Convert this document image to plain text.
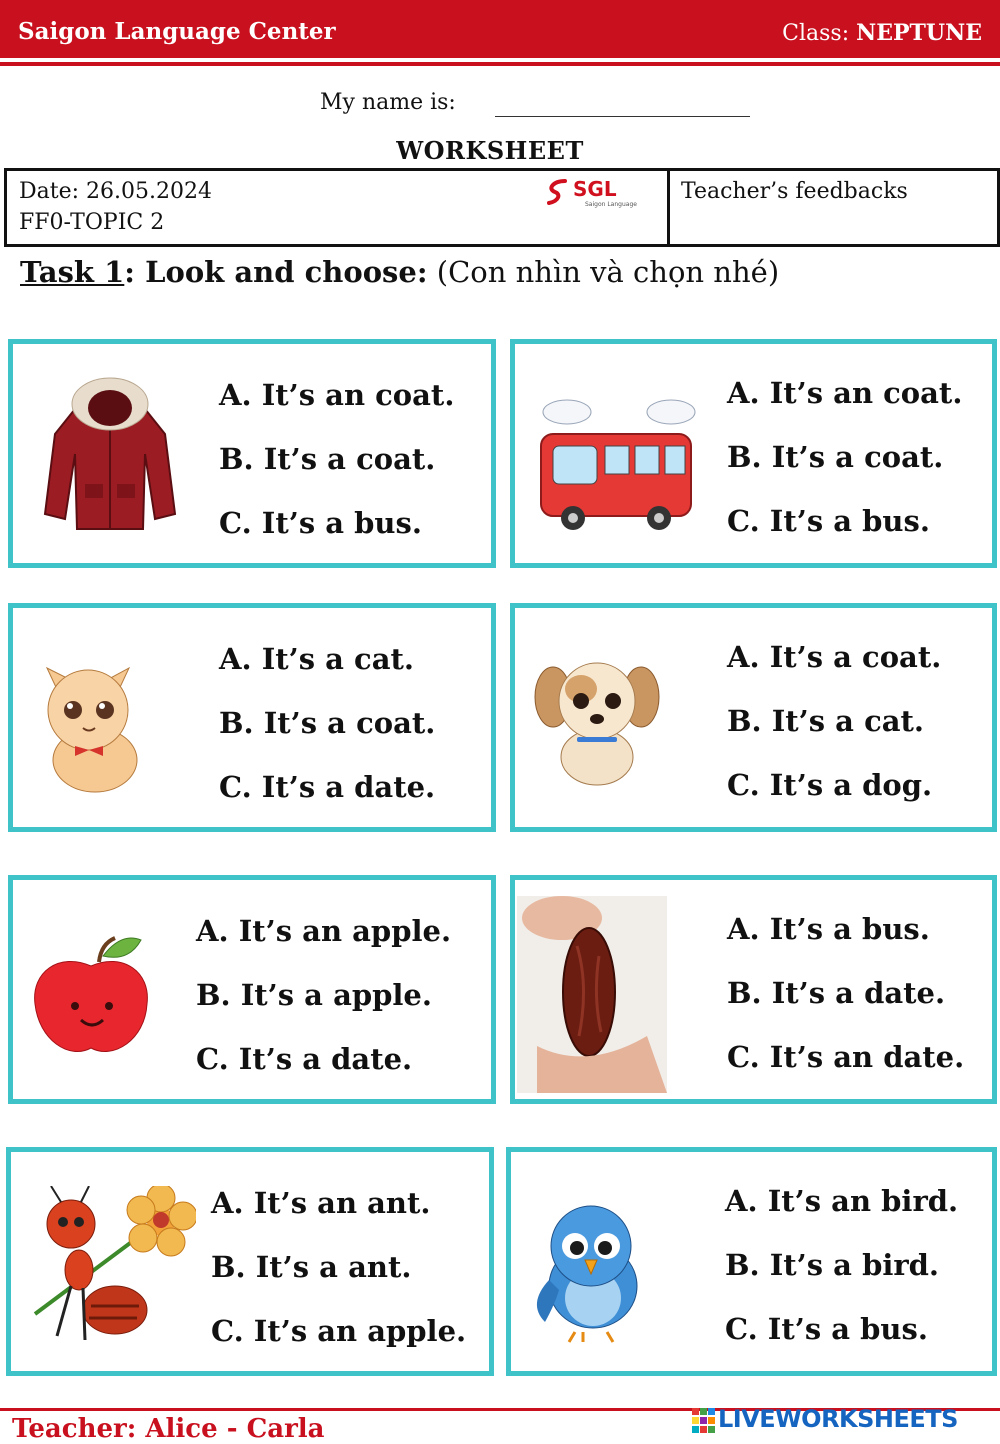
Saigon Language Center	Class: NEPTUNE
My name is:
WORKSHEET
Date: 26.05.2024
FF0-TOPIC 2
SGL
Saigon Language
Teacher’s feedbacks
Task 1: Look and choose: (Con nhìn và chọn nhé)
A. It’s an coat.
B. It’s a coat.
C. It’s a bus.
A. It’s an coat.
B. It’s a coat.
C. It’s a bus.
A. It’s a cat.
B. It’s a coat.
C. It’s a date.
A. It’s a coat.
B. It’s a cat.
C. It’s a dog.
A. It’s an apple.
B. It’s a apple.
C. It’s a date.
A. It’s a bus.
B. It’s a date.
C. It’s an date.
A. It’s an ant.
B. It’s a ant.
C. It’s an apple.
A. It’s an bird.
B. It’s a bird.
C. It’s a bus.
Teacher: Alice - Carla	LIVEWORKSHEETS
